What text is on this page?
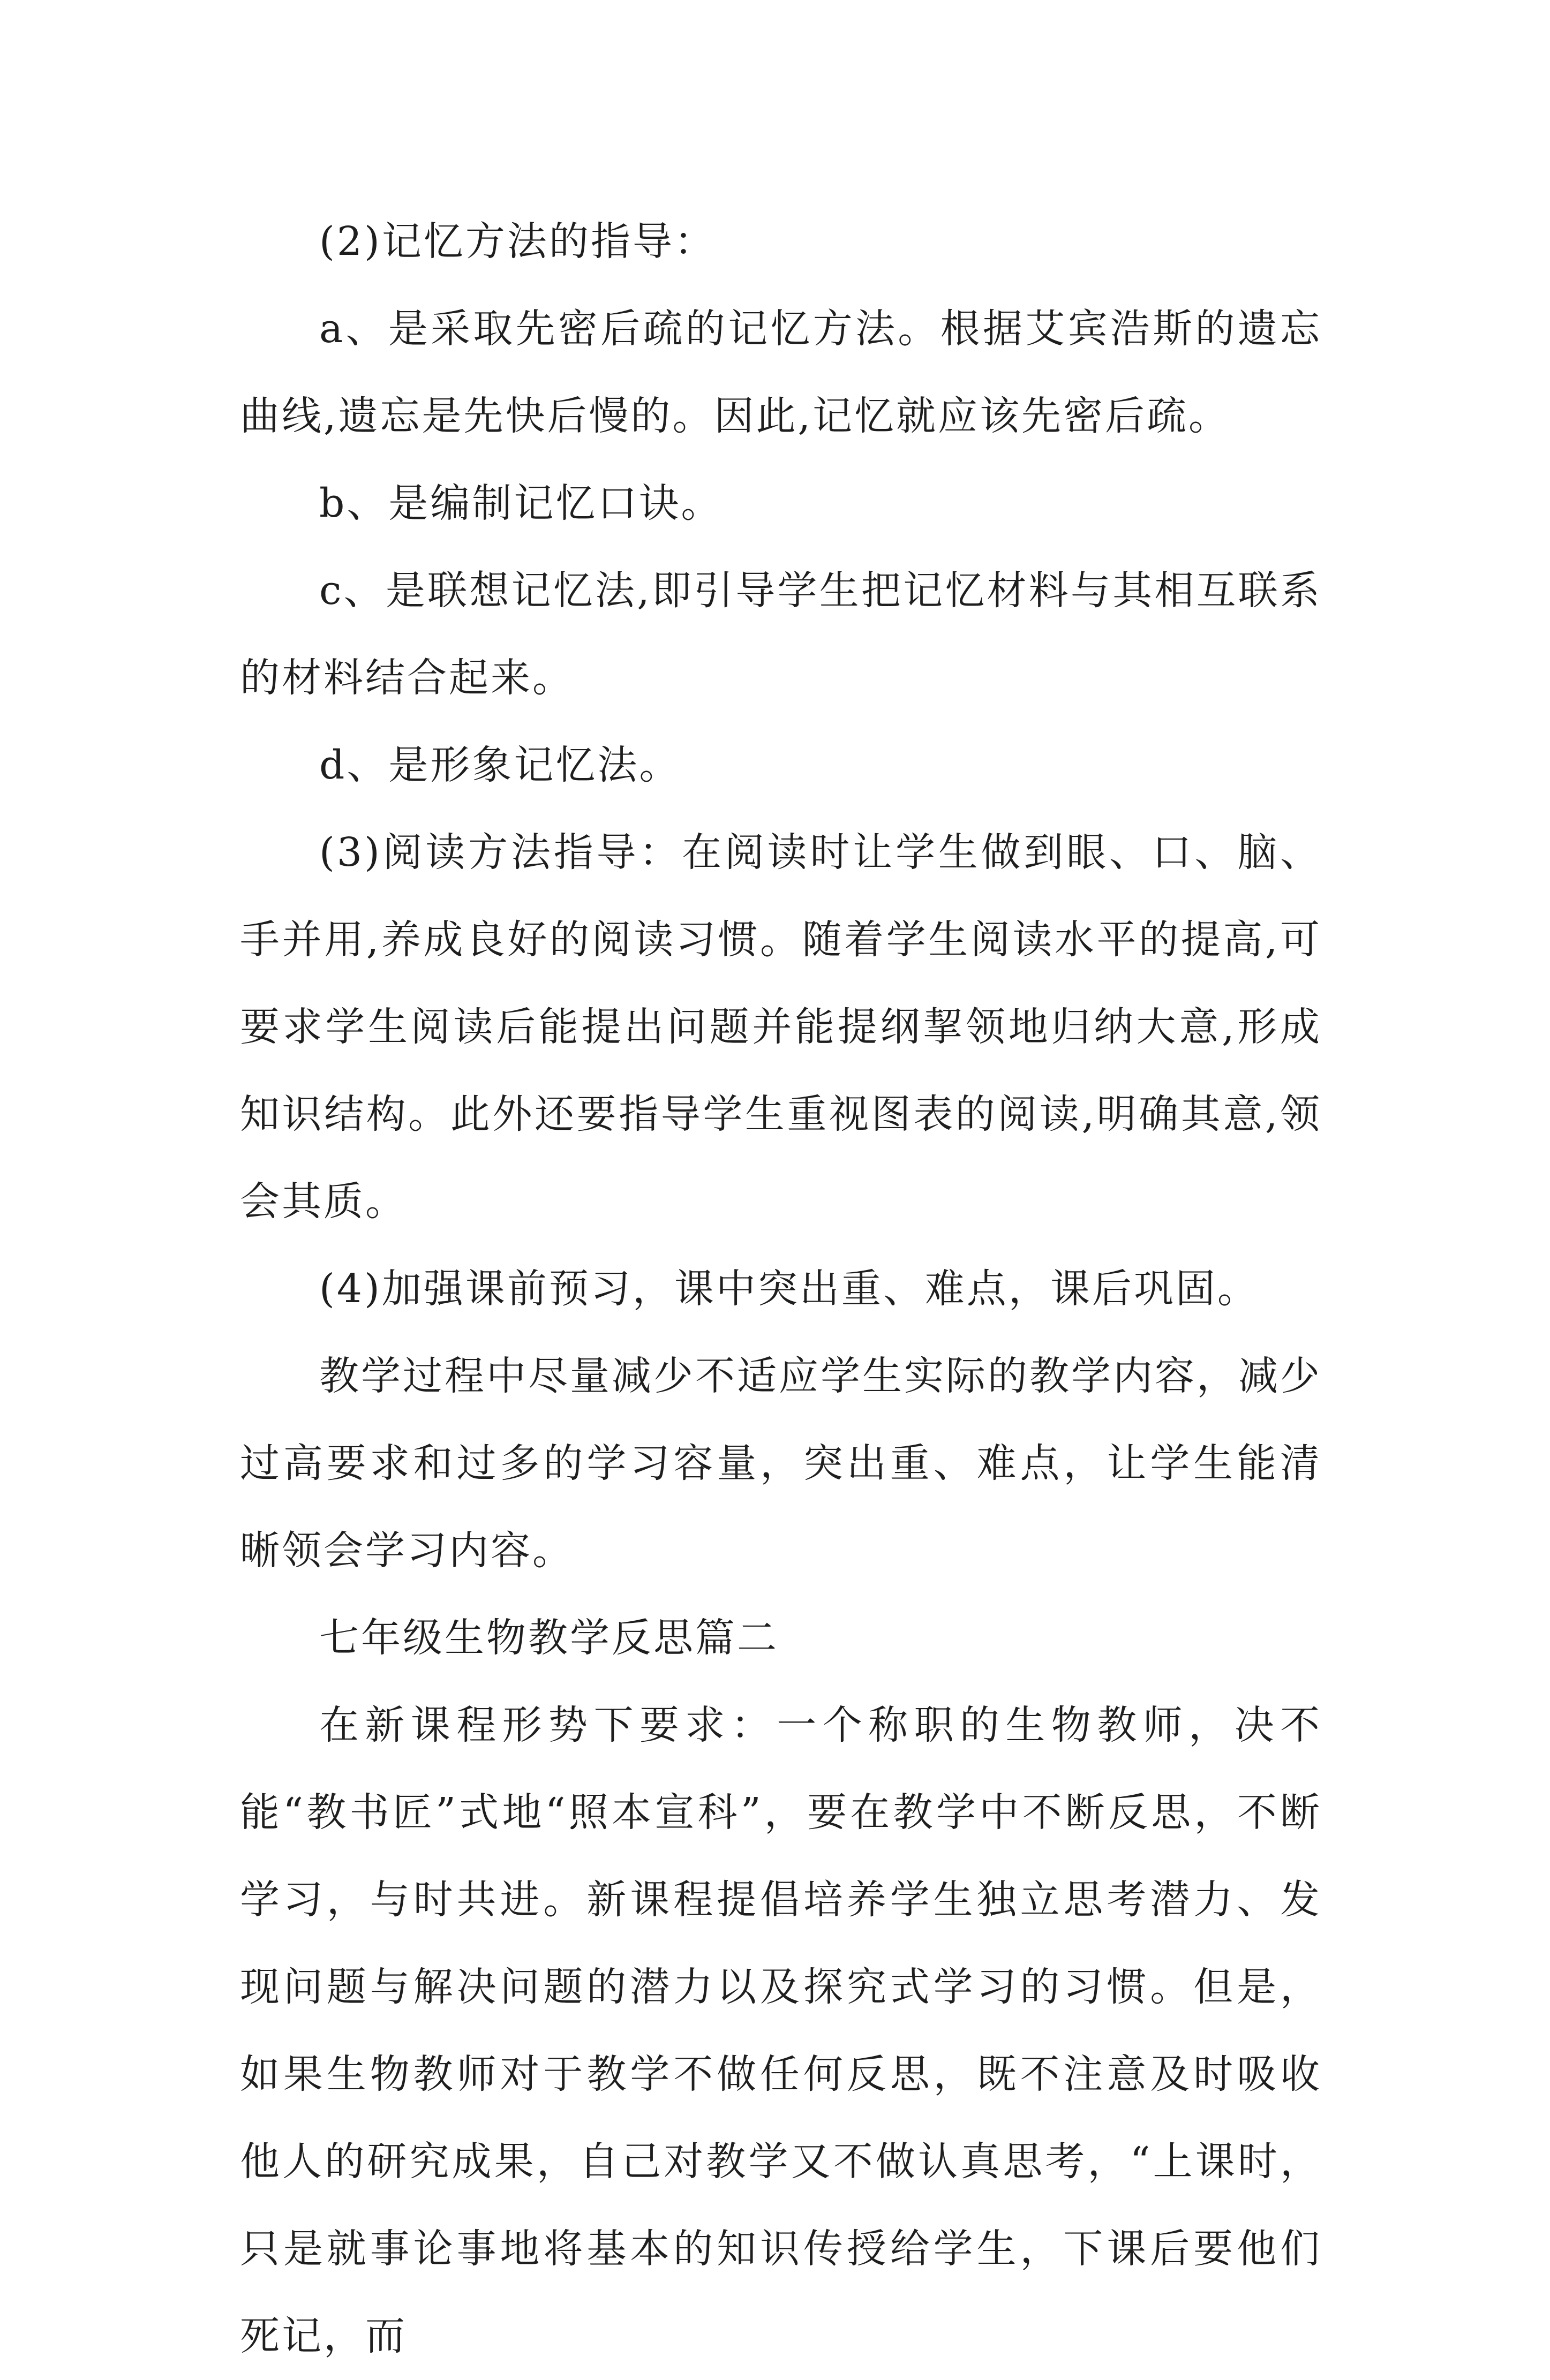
(2)记忆方法的指导：

a、是采取先密后疏的记忆方法。根据艾宾浩斯的遗忘曲线,遗忘是先快后慢的。因此,记忆就应该先密后疏。

b、是编制记忆口诀。

c、是联想记忆法,即引导学生把记忆材料与其相互联系的材料结合起来。

d、是形象记忆法。

(3)阅读方法指导：在阅读时让学生做到眼、口、脑、手并用,养成良好的阅读习惯。随着学生阅读水平的提高,可要求学生阅读后能提出问题并能提纲挈领地归纳大意,形成知识结构。此外还要指导学生重视图表的阅读,明确其意,领会其质。

(4)加强课前预习，课中突出重、难点，课后巩固。

教学过程中尽量减少不适应学生实际的教学内容，减少过高要求和过多的学习容量，突出重、难点，让学生能清晰领会学习内容。

七年级生物教学反思篇二

在新课程形势下要求：一个称职的生物教师，决不能“教书匠”式地“照本宣科”，要在教学中不断反思，不断学习，与时共进。新课程提倡培养学生独立思考潜力、发现问题与解决问题的潜力以及探究式学习的习惯。但是，如果生物教师对于教学不做任何反思，既不注意及时吸收他人的研究成果，自己对教学又不做认真思考，“上课时，只是就事论事地将基本的知识传授给学生，下课后要他们死记，而
